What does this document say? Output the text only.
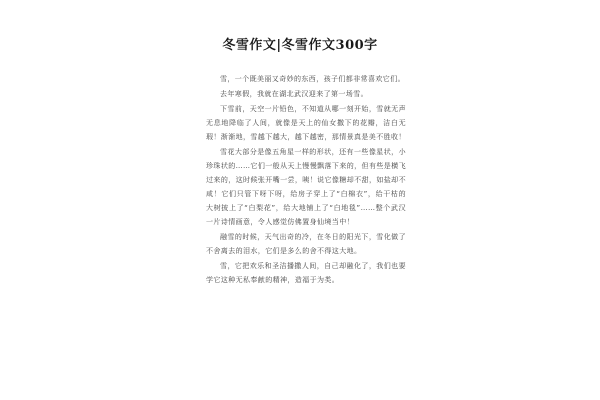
冬雪作文|冬雪作文300字

雪，一个既美丽又奇妙的东西，孩子们都非常喜欢它们。

去年寒假，我就在湖北武汉迎来了第一场雪。

下雪前，天空一片铅色，不知道从哪一刻开始，雪就无声无息地降临了人间，就像是天上的仙女撒下的花瓣，洁白无瑕！渐渐地，雪越下越大，越下越密，那情景真是美不胜收！

雪花大部分是像五角星一样的形状，还有一些像星状，小珍珠状的……它们一般从天上慢慢飘落下来的，但有些是横飞过来的，这时候张开嘴一尝，咦！说它像糖却不甜，如盐却不咸！它们只管下呀下呀，给房子穿上了“白棉衣”，给干枯的大树披上了“白梨花”，给大地铺上了“白地毯”……整个武汉一片诗情画意，令人感觉仿佛置身仙境当中！

融雪的时候，天气出奇的冷，在冬日的阳光下，雪化做了不舍离去的泪水，它们是多么的舍不得这大地。

雪，它把欢乐和圣洁播撒人间，自己却融化了，我们也要学它这种无私奉献的精神，造福于为类。
